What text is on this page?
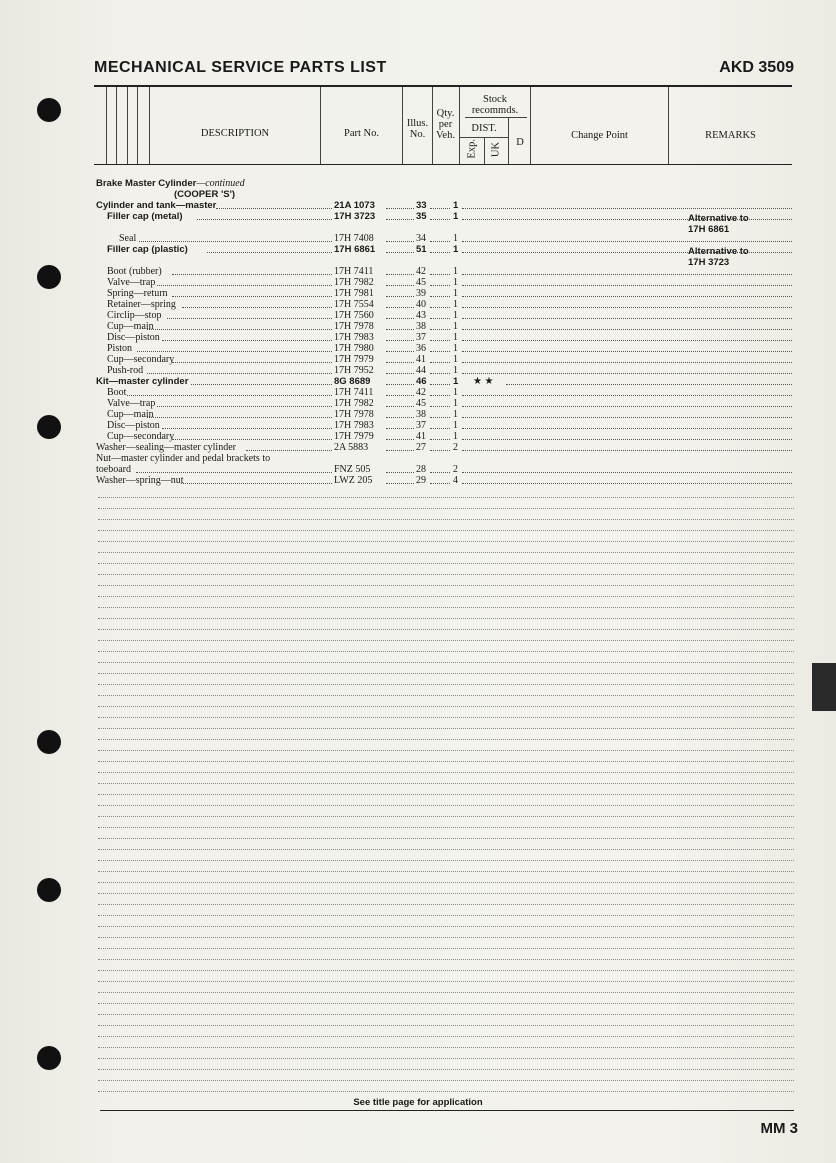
MECHANICAL SERVICE PARTS LIST	AKD 3509
DESCRIPTION	Part No.
Illus.
No.
Qty.
per
Veh.
Stock
recommds.
DIST.
Exp. UK	D
Change Point	REMARKS
Brake Master Cylinder—continued
(COOPER 'S')
Cylinder and tank—master	21A 1073	33	1
Filler cap (metal)	17H 3723	35	1	Alternative to
17H 6861
Seal	17H 7408	34	1
Filler cap (plastic)	17H 6861	51	1	Alternative to
17H 3723
Boot (rubber)	17H 7411	42	1
Valve—trap	17H 7982	45	1
Spring—return	17H 7981	39	1
Retainer—spring	17H 7554	40	1
Circlip—stop	17H 7560	43	1
Cup—main	17H 7978	38	1
Disc—piston	17H 7983	37	1
Piston	17H 7980	36	1
Cup—secondary	17H 7979	41	1
Push-rod	17H 7952	44	1
Kit—master cylinder	8G 8689	46	1 ★ ★
Boot	17H 7411	42	1
Valve—trap	17H 7982	45	1
Cup—main	17H 7978	38	1
Disc—piston	17H 7983	37	1
Cup—secondary	17H 7979	41	1
Washer—sealing—master cylinder	2A 5883	27	2
Nut—master cylinder and pedal brackets to
toeboard	FNZ 505	28	2
Washer—spring—nut	LWZ 205	29	4
See title page for application
MM 3
